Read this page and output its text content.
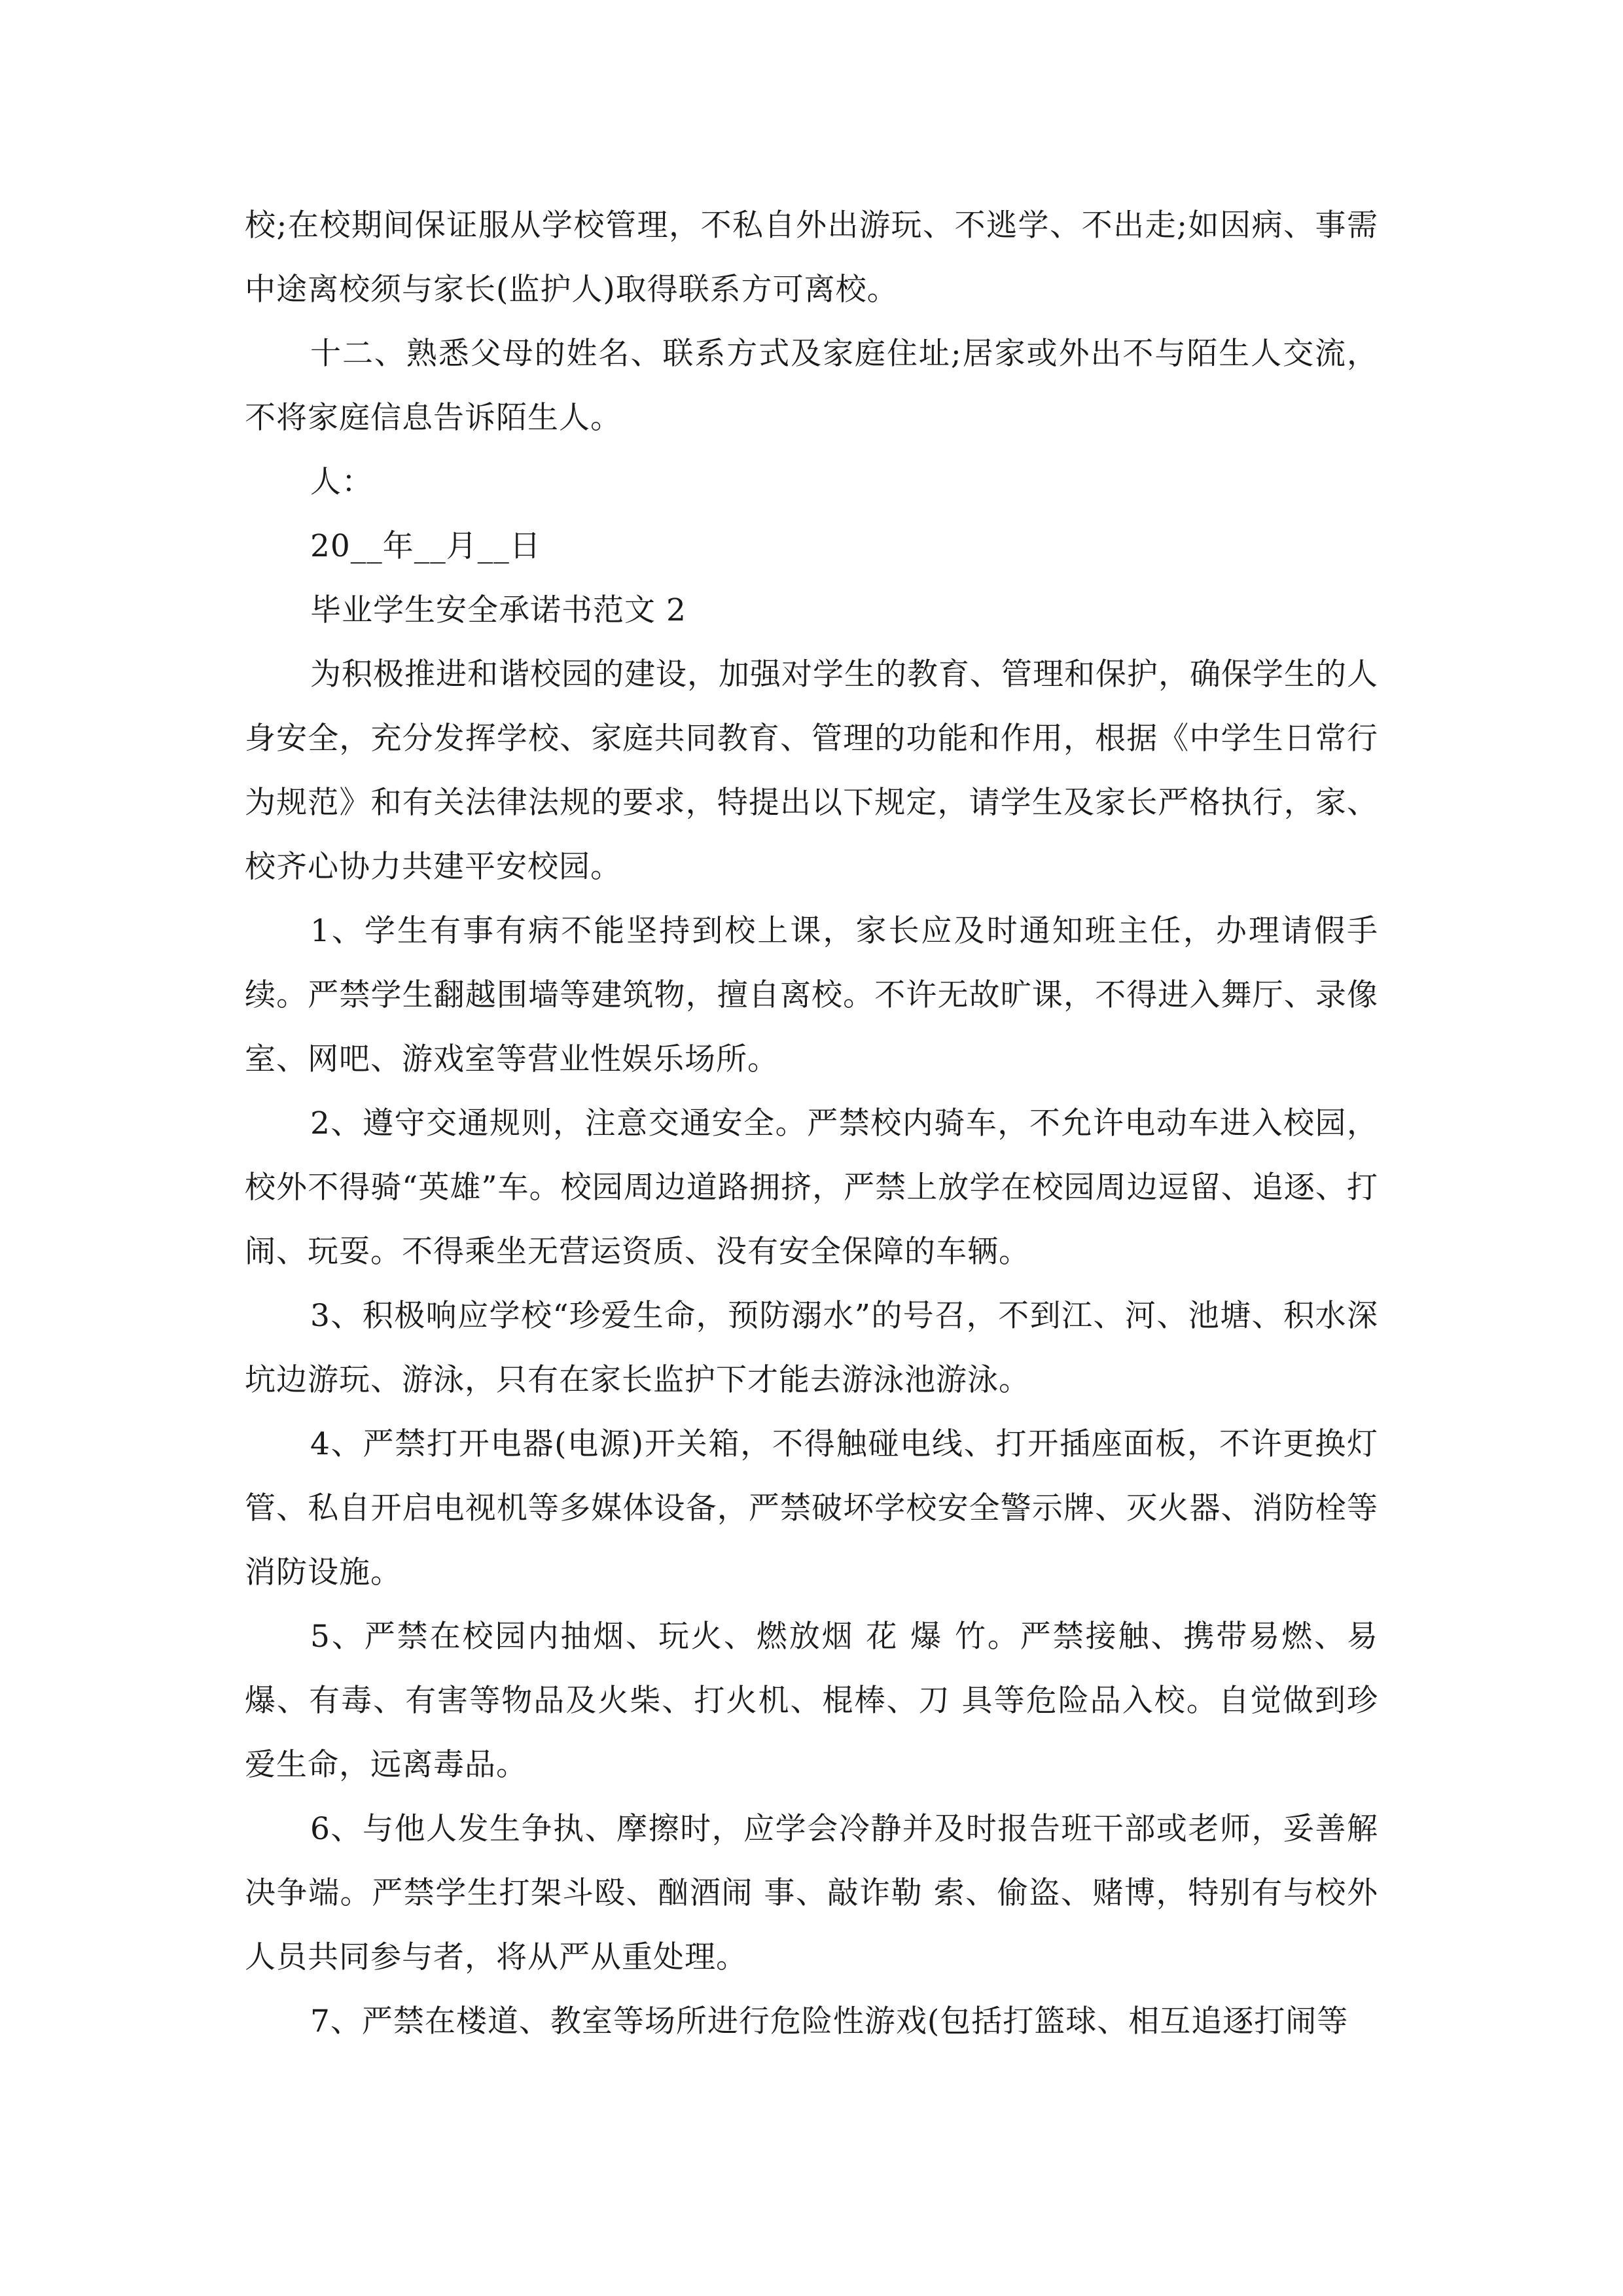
校;在校期间保证服从学校管理，不私自外出游玩、不逃学、不出走;如因病、事需中途离校须与家长(监护人)取得联系方可离校。

十二、熟悉父母的姓名、联系方式及家庭住址;居家或外出不与陌生人交流，不将家庭信息告诉陌生人。

人：

20__年__月__日

毕业学生安全承诺书范文 2

为积极推进和谐校园的建设，加强对学生的教育、管理和保护，确保学生的人身安全，充分发挥学校、家庭共同教育、管理的功能和作用，根据《中学生日常行为规范》和有关法律法规的要求，特提出以下规定，请学生及家长严格执行，家、校齐心协力共建平安校园。

1、学生有事有病不能坚持到校上课，家长应及时通知班主任，办理请假手续。严禁学生翻越围墙等建筑物，擅自离校。不许无故旷课，不得进入舞厅、录像室、网吧、游戏室等营业性娱乐场所。

2、遵守交通规则，注意交通安全。严禁校内骑车，不允许电动车进入校园，校外不得骑“英雄”车。校园周边道路拥挤，严禁上放学在校园周边逗留、追逐、打闹、玩耍。不得乘坐无营运资质、没有安全保障的车辆。

3、积极响应学校“珍爱生命，预防溺水”的号召，不到江、河、池塘、积水深坑边游玩、游泳，只有在家长监护下才能去游泳池游泳。

4、严禁打开电器(电源)开关箱，不得触碰电线、打开插座面板，不许更换灯管、私自开启电视机等多媒体设备，严禁破坏学校安全警示牌、灭火器、消防栓等消防设施。

5、严禁在校园内抽烟、玩火、燃放烟 花 爆 竹。严禁接触、携带易燃、易爆、有毒、有害等物品及火柴、打火机、棍棒、刀 具等危险品入校。自觉做到珍爱生命，远离毒品。

6、与他人发生争执、摩擦时，应学会冷静并及时报告班干部或老师，妥善解决争端。严禁学生打架斗殴、酗酒闹 事、敲诈勒 索、偷盗、赌博，特别有与校外人员共同参与者，将从严从重处理。

7、严禁在楼道、教室等场所进行危险性游戏(包括打篮球、相互追逐打闹等
